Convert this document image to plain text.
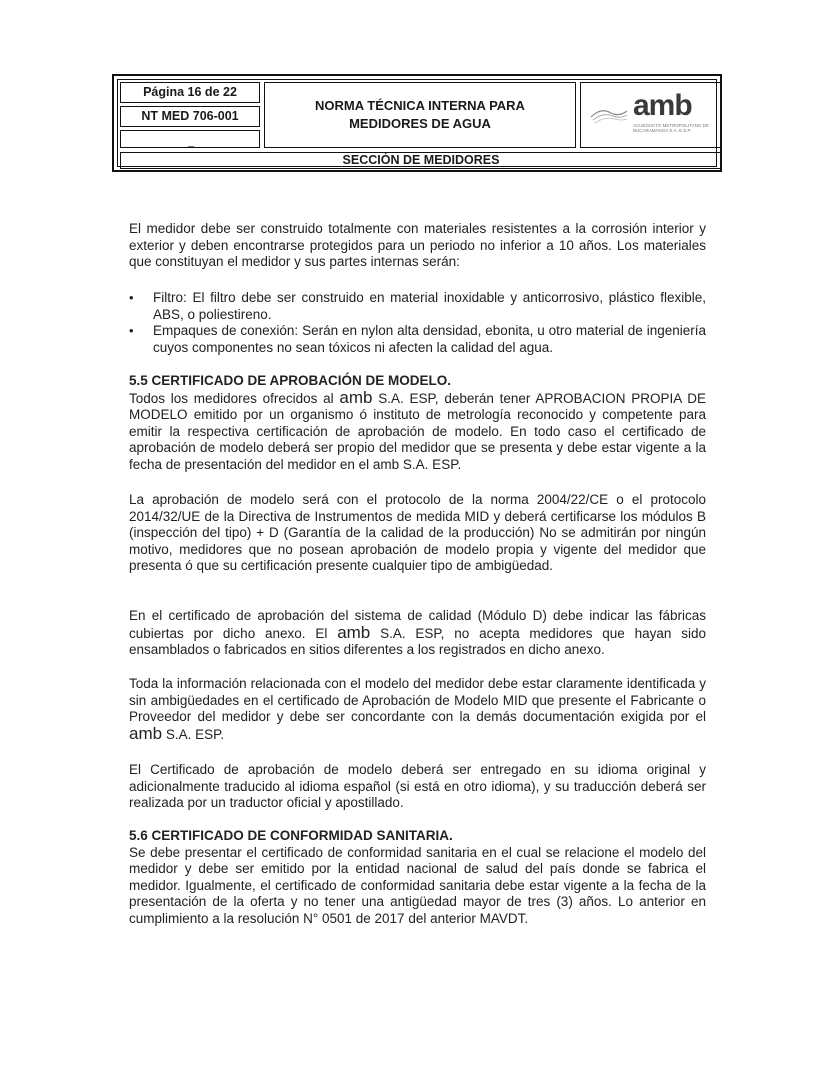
Página 16 de 22
NT MED 706-001
_
NORMA TÉCNICA INTERNA PARA
MEDIDORES DE AGUA
amb
ACUEDUCTO METROPOLITANO DE BUCARAMANGA S.A. E.S.P.
SECCIÓN DE MEDIDORES

El medidor debe ser construido totalmente con materiales resistentes a la corrosión interior y exterior y deben encontrarse protegidos para un periodo no inferior a 10 años. Los materiales que constituyan el medidor y sus partes internas serán:

• Filtro: El filtro debe ser construido en material inoxidable y anticorrosivo, plástico flexible, ABS, o poliestireno.
• Empaques de conexión: Serán en nylon alta densidad, ebonita, u otro material de ingeniería cuyos componentes no sean tóxicos ni afecten la calidad del agua.

5.5 CERTIFICADO DE APROBACIÓN DE MODELO.

Todos los medidores ofrecidos al amb S.A. ESP, deberán tener APROBACION PROPIA DE MODELO emitido por un organismo ó instituto de metrología reconocido y competente para emitir la respectiva certificación de aprobación de modelo. En todo caso el certificado de aprobación de modelo deberá ser propio del medidor que se presenta y debe estar vigente a la fecha de presentación del medidor en el amb S.A. ESP.

La aprobación de modelo será con el protocolo de la norma 2004/22/CE o el protocolo 2014/32/UE de la Directiva de Instrumentos de medida MID y deberá certificarse los módulos B (inspección del tipo) + D (Garantía de la calidad de la producción) No se admitirán por ningún motivo, medidores que no posean aprobación de modelo propia y vigente del medidor que presenta ó que su certificación presente cualquier tipo de ambigüedad.

En el certificado de aprobación del sistema de calidad (Módulo D) debe indicar las fábricas cubiertas por dicho anexo. El amb S.A. ESP, no acepta medidores que hayan sido ensamblados o fabricados en sitios diferentes a los registrados en dicho anexo.

Toda la información relacionada con el modelo del medidor debe estar claramente identificada y sin ambigüedades en el certificado de Aprobación de Modelo MID que presente el Fabricante o Proveedor del medidor y debe ser concordante con la demás documentación exigida por el amb S.A. ESP.

El Certificado de aprobación de modelo deberá ser entregado en su idioma original y adicionalmente traducido al idioma español (si está en otro idioma), y su traducción deberá ser realizada por un traductor oficial y apostillado.

5.6 CERTIFICADO DE CONFORMIDAD SANITARIA.

Se debe presentar el certificado de conformidad sanitaria en el cual se relacione el modelo del medidor y debe ser emitido por la entidad nacional de salud del país donde se fabrica el medidor. Igualmente, el certificado de conformidad sanitaria debe estar vigente a la fecha de la presentación de la oferta y no tener una antigüedad mayor de tres (3) años. Lo anterior en cumplimiento a la resolución N° 0501 de 2017 del anterior MAVDT.
